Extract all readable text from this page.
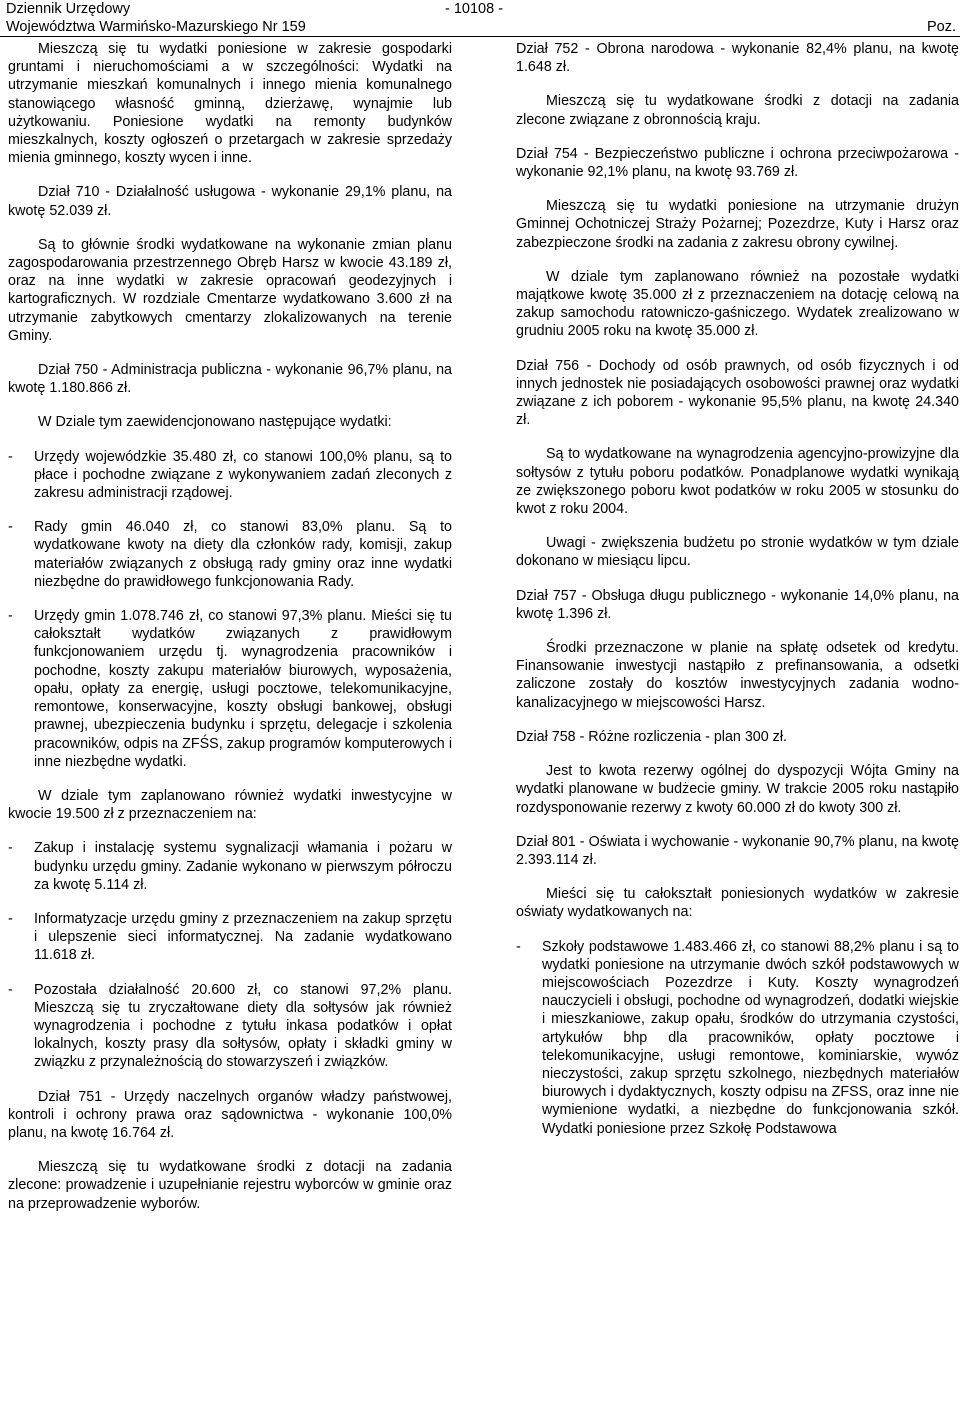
Dziennik Urzędowy
Województwa Warmińsko-Mazurskiego Nr 159
- 10108 -
Poz.

Mieszczą się tu wydatki poniesione w zakresie gospodarki gruntami i nieruchomościami a w szczególności: Wydatki na utrzymanie mieszkań komunalnych i innego mienia komunalnego stanowiącego własność gminną, dzierżawę, wynajmie lub użytkowaniu. Poniesione wydatki na remonty budynków mieszkalnych, koszty ogłoszeń o przetargach w zakresie sprzedaży mienia gminnego, koszty wycen i inne.

Dział 710 - Działalność usługowa - wykonanie 29,1% planu, na kwotę 52.039 zł.

Są to głównie środki wydatkowane na wykonanie zmian planu zagospodarowania przestrzennego Obręb Harsz w kwocie 43.189 zł, oraz na inne wydatki w zakresie opracowań geodezyjnych i kartograficznych. W rozdziale Cmentarze wydatkowano 3.600 zł na utrzymanie zabytkowych cmentarzy zlokalizowanych na terenie Gminy.

Dział 750 - Administracja publiczna - wykonanie 96,7% planu, na kwotę 1.180.866 zł.

W Dziale tym zaewidencjonowano następujące wydatki:

- Urzędy wojewódzkie 35.480 zł, co stanowi 100,0% planu, są to płace i pochodne związane z wykonywaniem zadań zleconych z zakresu administracji rządowej.
- Rady gmin 46.040 zł, co stanowi 83,0% planu. Są to wydatkowane kwoty na diety dla członków rady, komisji, zakup materiałów związanych z obsługą rady gminy oraz inne wydatki niezbędne do prawidłowego funkcjonowania Rady.
- Urzędy gmin 1.078.746 zł, co stanowi 97,3% planu. Mieści się tu całokształt wydatków związanych z prawidłowym funkcjonowaniem urzędu tj. wynagrodzenia pracowników i pochodne, koszty zakupu materiałów biurowych, wyposażenia, opału, opłaty za energię, usługi pocztowe, telekomunikacyjne, remontowe, konserwacyjne, koszty obsługi bankowej, obsługi prawnej, ubezpieczenia budynku i sprzętu, delegacje i szkolenia pracowników, odpis na ZFŚS, zakup programów komputerowych i inne niezbędne wydatki.

W dziale tym zaplanowano również wydatki inwestycyjne w kwocie 19.500 zł z przeznaczeniem na:

- Zakup i instalację systemu sygnalizacji włamania i pożaru w budynku urzędu gminy. Zadanie wykonano w pierwszym półroczu za kwotę 5.114 zł.
- Informatyzacje urzędu gminy z przeznaczeniem na zakup sprzętu i ulepszenie sieci informatycznej. Na zadanie wydatkowano 11.618 zł.
- Pozostała działalność 20.600 zł, co stanowi 97,2% planu. Mieszczą się tu zryczałtowane diety dla sołtysów jak również wynagrodzenia i pochodne z tytułu inkasa podatków i opłat lokalnych, koszty prasy dla sołtysów, opłaty i składki gminy w związku z przynależnością do stowarzyszeń i związków.

Dział 751 - Urzędy naczelnych organów władzy państwowej, kontroli i ochrony prawa oraz sądownictwa - wykonanie 100,0% planu, na kwotę 16.764 zł.

Mieszczą się tu wydatkowane środki z dotacji na zadania zlecone: prowadzenie i uzupełnianie rejestru wyborców w gminie oraz na przeprowadzenie wyborów.

Dział 752 - Obrona narodowa - wykonanie 82,4% planu, na kwotę 1.648 zł.

Mieszczą się tu wydatkowane środki z dotacji na zadania zlecone związane z obronnością kraju.

Dział 754 - Bezpieczeństwo publiczne i ochrona przeciwpożarowa - wykonanie 92,1% planu, na kwotę 93.769 zł.

Mieszczą się tu wydatki poniesione na utrzymanie drużyn Gminnej Ochotniczej Straży Pożarnej; Pozezdrze, Kuty i Harsz oraz zabezpieczone środki na zadania z zakresu obrony cywilnej.

W dziale tym zaplanowano również na pozostałe wydatki majątkowe kwotę 35.000 zł z przeznaczeniem na dotację celową na zakup samochodu ratowniczo-gaśniczego. Wydatek zrealizowano w grudniu 2005 roku na kwotę 35.000 zł.

Dział 756 - Dochody od osób prawnych, od osób fizycznych i od innych jednostek nie posiadających osobowości prawnej oraz wydatki związane z ich poborem - wykonanie 95,5% planu, na kwotę 24.340 zł.

Są to wydatkowane na wynagrodzenia agencyjno-prowizyjne dla sołtysów z tytułu poboru podatków. Ponadplanowe wydatki wynikają ze zwiększonego poboru kwot podatków w roku 2005 w stosunku do kwot z roku 2004.

Uwagi - zwiększenia budżetu po stronie wydatków w tym dziale dokonano w miesiącu lipcu.

Dział 757 - Obsługa długu publicznego - wykonanie 14,0% planu, na kwotę 1.396 zł.

Środki przeznaczone w planie na spłatę odsetek od kredytu. Finansowanie inwestycji nastąpiło z prefinansowania, a odsetki zaliczone zostały do kosztów inwestycyjnych zadania wodno-kanalizacyjnego w miejscowości Harsz.

Dział 758 - Różne rozliczenia - plan 300 zł.

Jest to kwota rezerwy ogólnej do dyspozycji Wójta Gminy na wydatki planowane w budżecie gminy. W trakcie 2005 roku nastąpiło rozdysponowanie rezerwy z kwoty 60.000 zł do kwoty 300 zł.

Dział 801 - Oświata i wychowanie - wykonanie 90,7% planu, na kwotę 2.393.114 zł.

Mieści się tu całokształt poniesionych wydatków w zakresie oświaty wydatkowanych na:

- Szkoły podstawowe 1.483.466 zł, co stanowi 88,2% planu i są to wydatki poniesione na utrzymanie dwóch szkół podstawowych w miejscowościach Pozezdrze i Kuty. Koszty wynagrodzeń nauczycieli i obsługi, pochodne od wynagrodzeń, dodatki wiejskie i mieszkaniowe, zakup opału, środków do utrzymania czystości, artykułów bhp dla pracowników, opłaty pocztowe i telekomunikacyjne, usługi remontowe, kominiarskie, wywóz nieczystości, zakup sprzętu szkolnego, niezbędnych materiałów biurowych i dydaktycznych, koszty odpisu na ZFSS, oraz inne nie wymienione wydatki, a niezbędne do funkcjonowania szkół. Wydatki poniesione przez Szkołę Podstawowa
